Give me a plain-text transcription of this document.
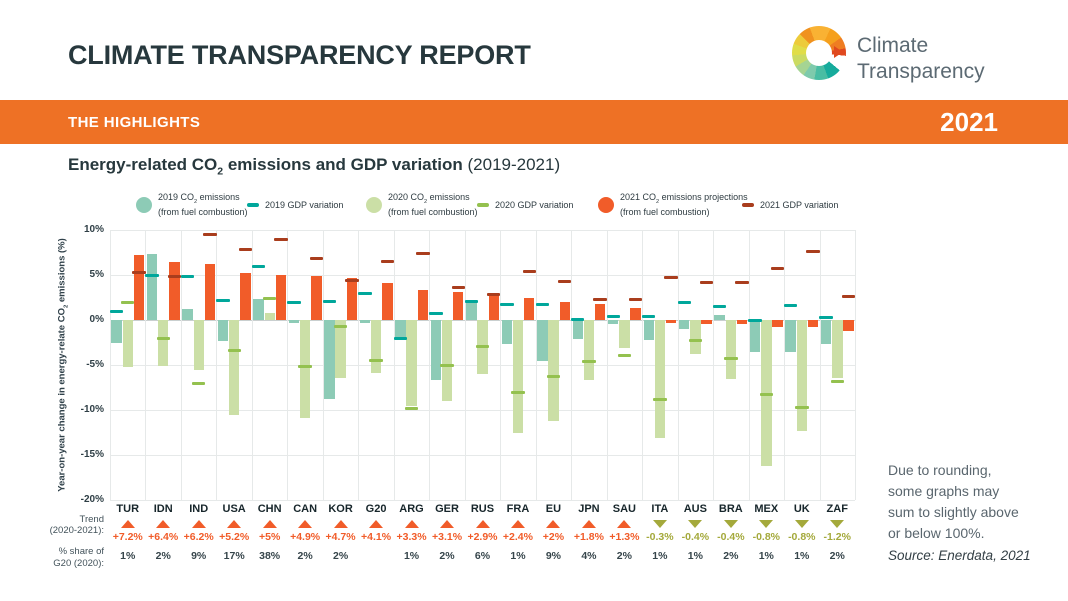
CLIMATE TRANSPARENCY REPORT	Climate
Transparency
THE HIGHLIGHTS	2021
Energy-related $CO_2$ emissions and GDP variation (2019-2021)
2019 $CO_2$ emissions
(from fuel combustion)
2019 GDP variation
2020 $CO_2$ emissions
(from fuel combustion)
2020 GDP variation
2021 $CO_2$ emissions projections
(from fuel combustion)
2021 GDP variation
Year-on-year change in energy-relate $CO_2$ emissions (%)
Trend
(2020-2021):
% share of
G20 (2020):
10%
5%
0%
-5%
-10%
-15%
-20%
TUR
+7.2%
1%
IDN
+6.4%
2%
IND
+6.2%
9%
USA
+5.2%
17%
CHN
+5%
38%
CAN
+4.9%
2%
KOR
+4.7%
2%
G20
+4.1%
ARG
+3.3%
1%
GER
+3.1%
2%
RUS
+2.9%
6%
FRA
+2.4%
1%
EU
+2%
9%
JPN
+1.8%
4%
SAU
+1.3%
2%
ITA
-0.3%
1%
AUS
-0.4%
1%
BRA
-0.4%
2%
MEX
-0.8%
1%
UK
-0.8%
1%
ZAF
-1.2%
2%
Due to rounding,
some graphs may
sum to slightly above
or below 100%.
Source: Enerdata, 2021
